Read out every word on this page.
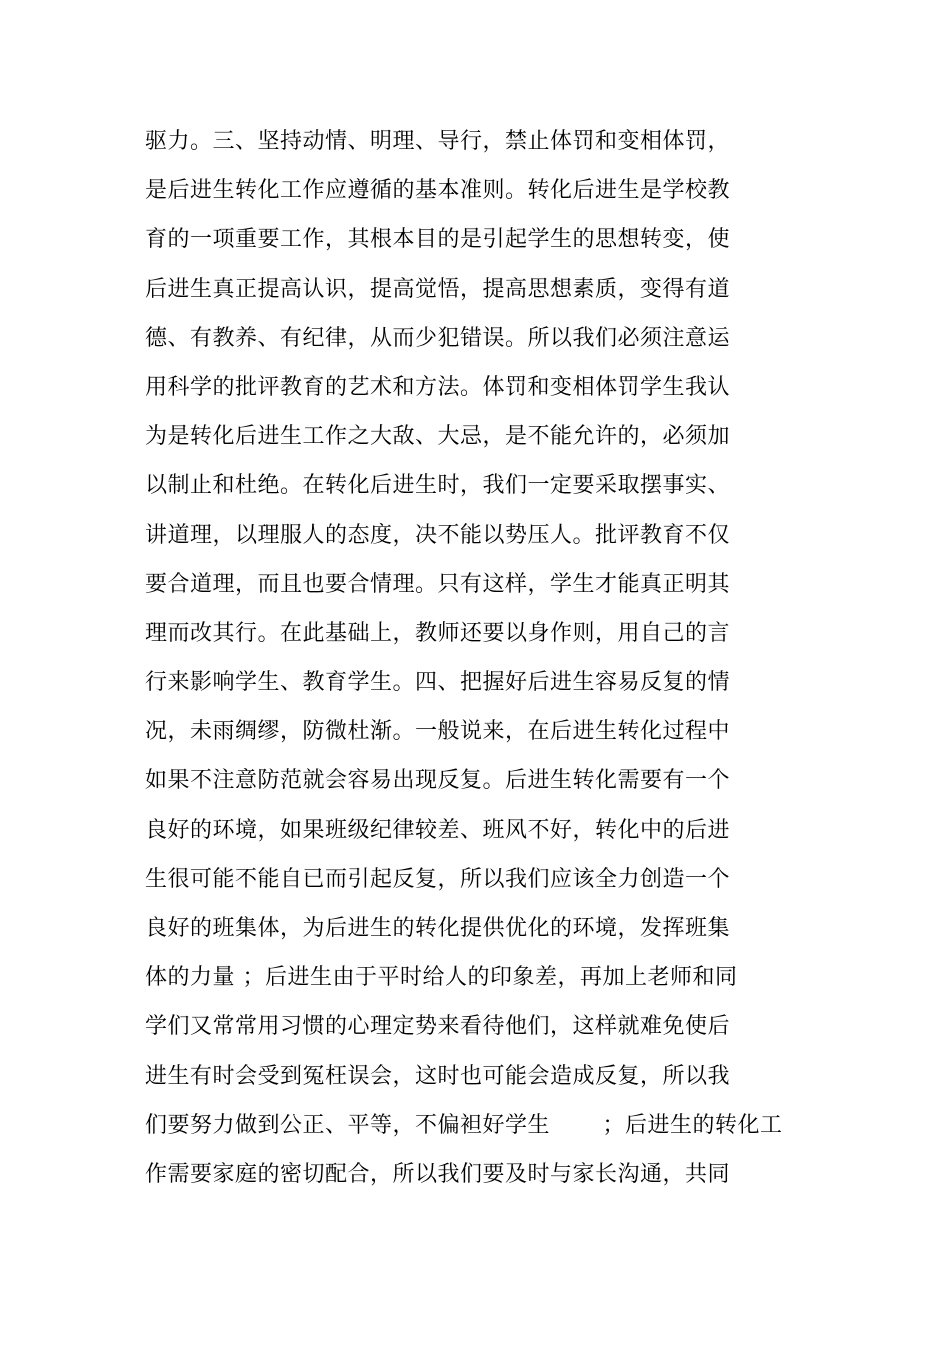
驱力。三、坚持动情、明理、导行，禁止体罚和变相体罚，
是后进生转化工作应遵循的基本准则。转化后进生是学校教
育的一项重要工作，其根本目的是引起学生的思想转变，使
后进生真正提高认识，提高觉悟，提高思想素质，变得有道
德、有教养、有纪律，从而少犯错误。所以我们必须注意运
用科学的批评教育的艺术和方法。体罚和变相体罚学生我认
为是转化后进生工作之大敌、大忌，是不能允许的，必须加
以制止和杜绝。在转化后进生时，我们一定要采取摆事实、
讲道理，以理服人的态度，决不能以势压人。批评教育不仅
要合道理，而且也要合情理。只有这样，学生才能真正明其
理而改其行。在此基础上，教师还要以身作则，用自己的言
行来影响学生、教育学生。四、把握好后进生容易反复的情
况，未雨绸缪，防微杜渐。一般说来，在后进生转化过程中
如果不注意防范就会容易出现反复。后进生转化需要有一个
良好的环境，如果班级纪律较差、班风不好，转化中的后进
生很可能不能自已而引起反复，所以我们应该全力创造一个
良好的班集体，为后进生的转化提供优化的环境，发挥班集
体的力量 ；后进生由于平时给人的印象差，再加上老师和同
学们又常常用习惯的心理定势来看待他们，这样就难免使后
进生有时会受到冤枉误会，这时也可能会造成反复，所以我
们要努力做到公正、平等，不偏袒好学生　　 ；后进生的转化工
作需要家庭的密切配合，所以我们要及时与家长沟通，共同
